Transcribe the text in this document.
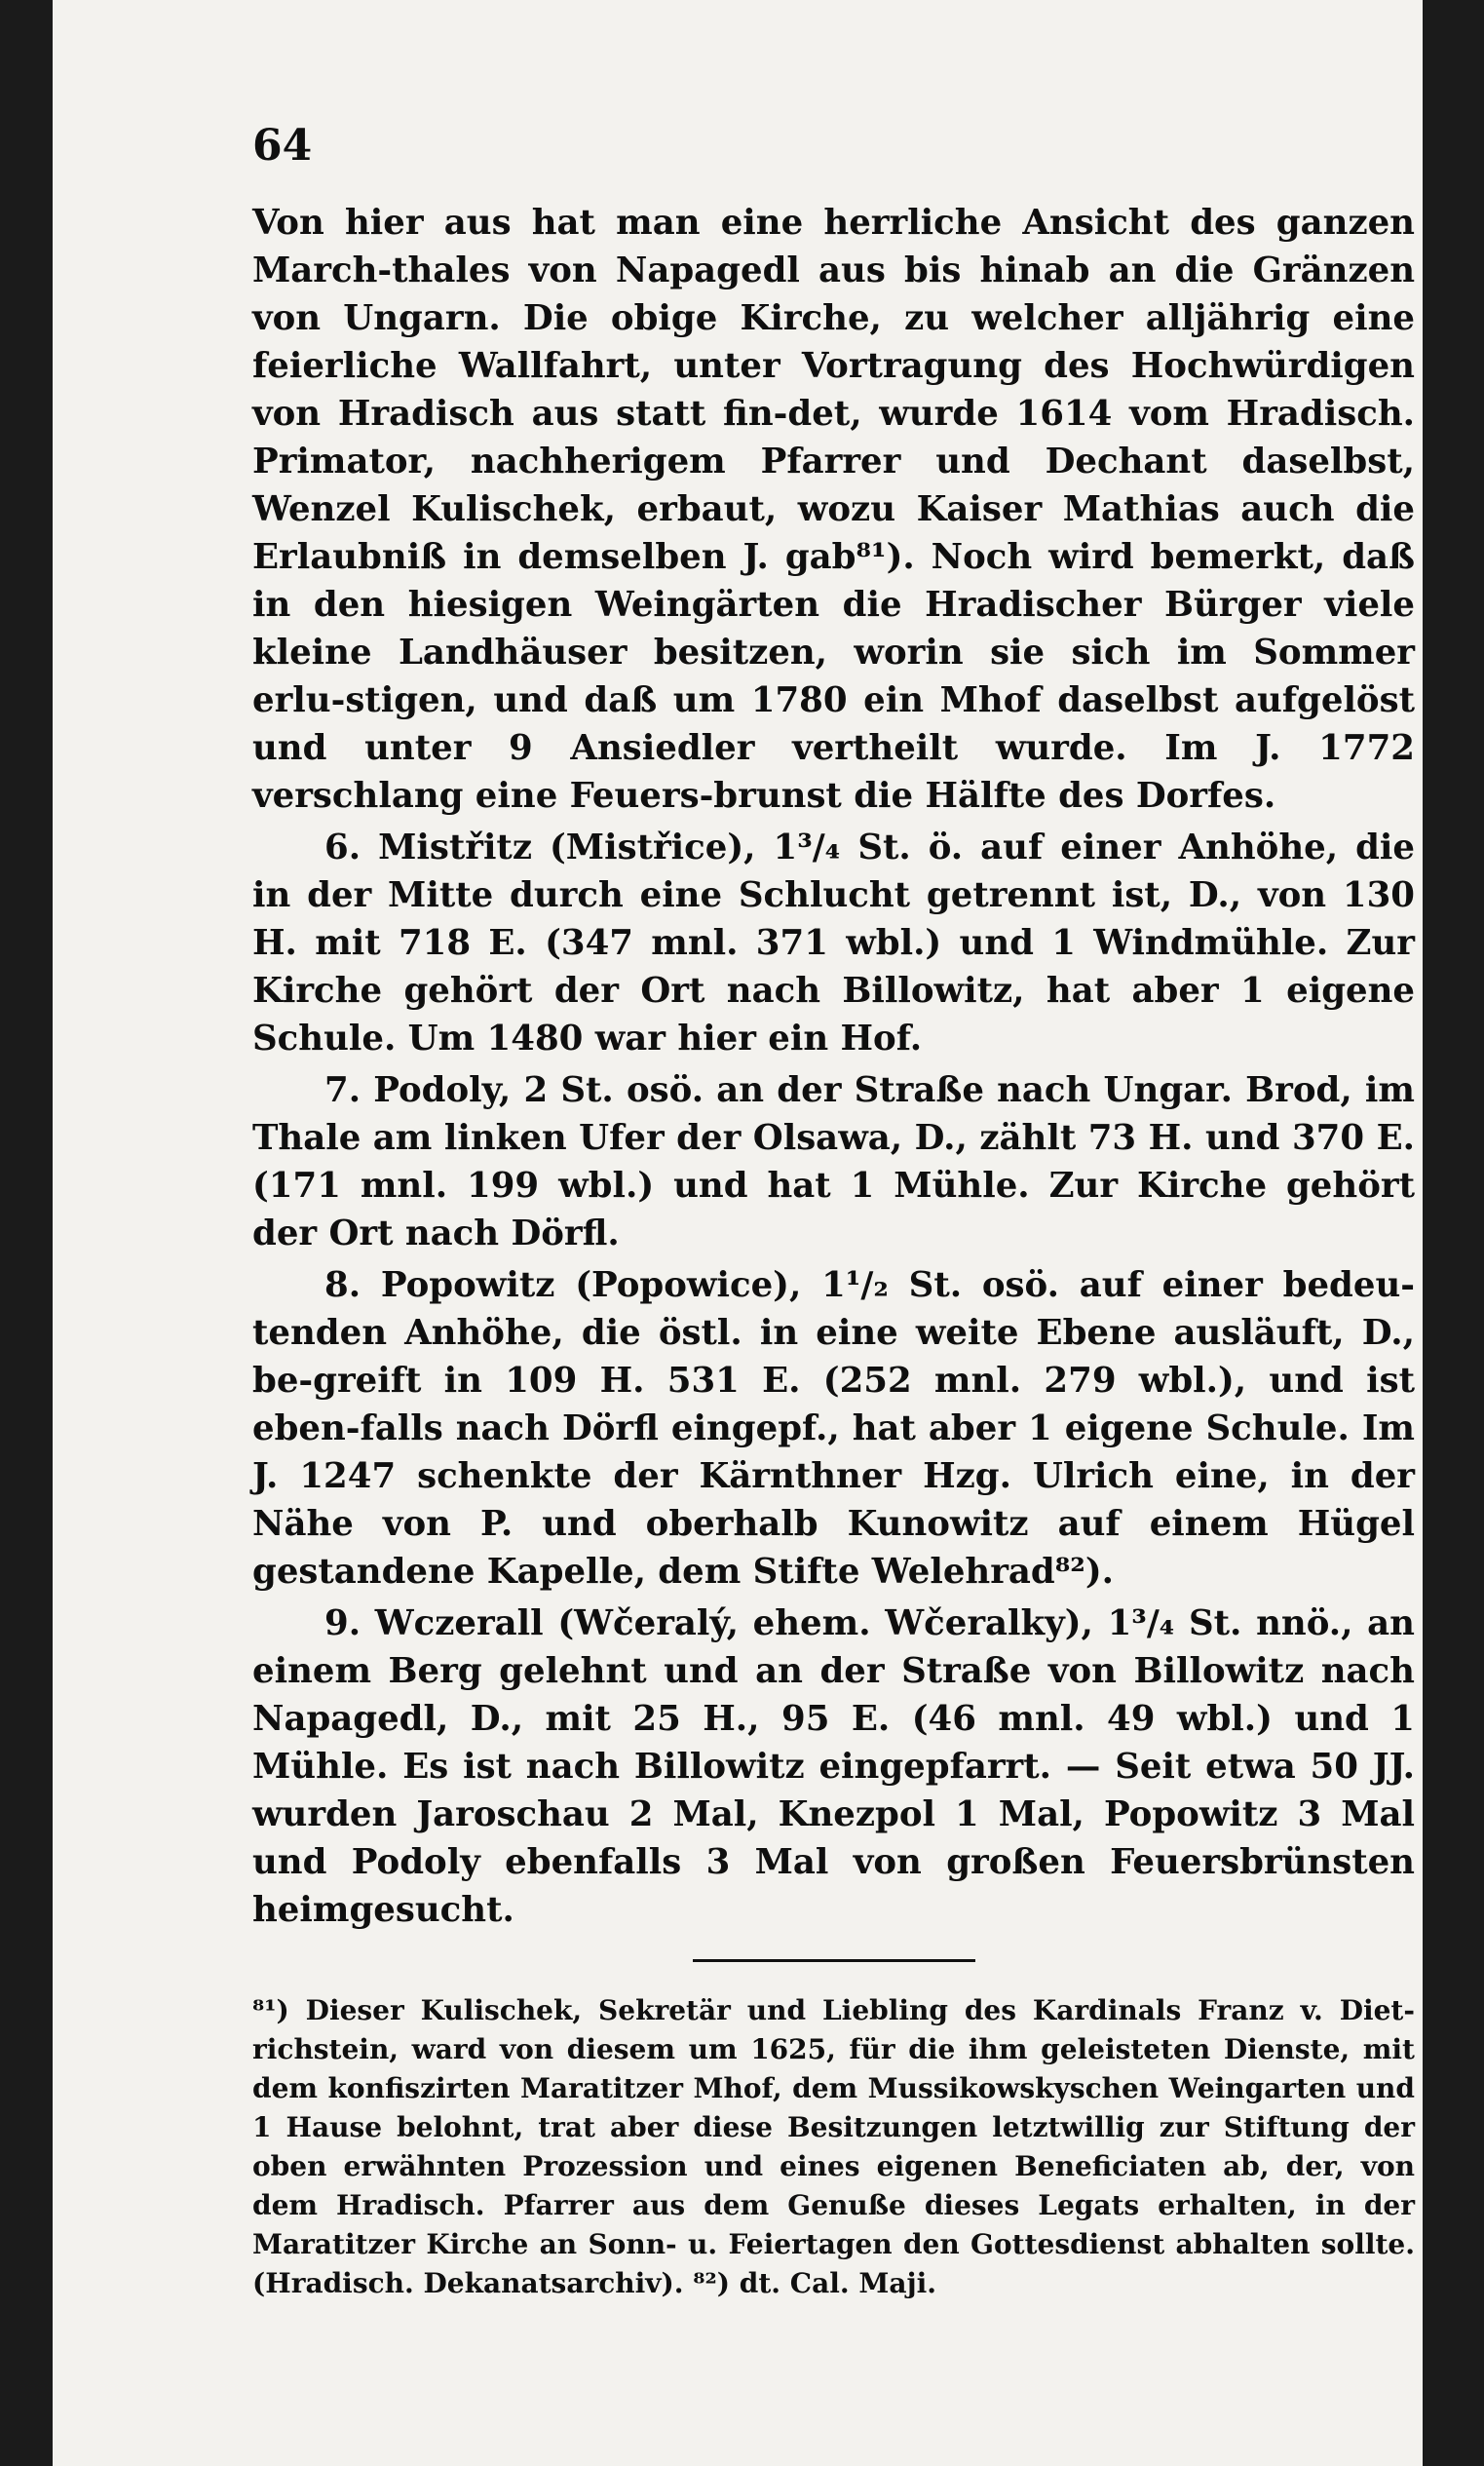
64

Von hier aus hat man eine herrliche Ansicht des ganzen March-thales von Napagedl aus bis hinab an die Gränzen von Ungarn. Die obige Kirche, zu welcher alljährig eine feierliche Wallfahrt, unter Vortragung des Hochwürdigen von Hradisch aus statt fin-det, wurde 1614 vom Hradisch. Primator, nachherigem Pfarrer und Dechant daselbst, Wenzel Kulischek, erbaut, wozu Kaiser Mathias auch die Erlaubniß in demselben J. gab⁸¹). Noch wird bemerkt, daß in den hiesigen Weingärten die Hradischer Bürger viele kleine Landhäuser besitzen, worin sie sich im Sommer erlu-stigen, und daß um 1780 ein Mhof daselbst aufgelöst und unter 9 Ansiedler vertheilt wurde. Im J. 1772 verschlang eine Feuers-brunst die Hälfte des Dorfes.

6. Mistřitz (Mistřice), 1³/₄ St. ö. auf einer Anhöhe, die in der Mitte durch eine Schlucht getrennt ist, D., von 130 H. mit 718 E. (347 mnl. 371 wbl.) und 1 Windmühle. Zur Kirche gehört der Ort nach Billowitz, hat aber 1 eigene Schule. Um 1480 war hier ein Hof.

7. Podoly, 2 St. osö. an der Straße nach Ungar. Brod, im Thale am linken Ufer der Olsawa, D., zählt 73 H. und 370 E. (171 mnl. 199 wbl.) und hat 1 Mühle. Zur Kirche gehört der Ort nach Dörfl.

8. Popowitz (Popowice), 1¹/₂ St. osö. auf einer bedeu-tenden Anhöhe, die östl. in eine weite Ebene ausläuft, D., be-greift in 109 H. 531 E. (252 mnl. 279 wbl.), und ist eben-falls nach Dörfl eingepf., hat aber 1 eigene Schule. Im J. 1247 schenkte der Kärnthner Hzg. Ulrich eine, in der Nähe von P. und oberhalb Kunowitz auf einem Hügel gestandene Kapelle, dem Stifte Welehrad⁸²).

9. Wczerall (Wčeralý, ehem. Wčeralky), 1³/₄ St. nnö., an einem Berg gelehnt und an der Straße von Billowitz nach Napagedl, D., mit 25 H., 95 E. (46 mnl. 49 wbl.) und 1 Mühle. Es ist nach Billowitz eingepfarrt. — Seit etwa 50 JJ. wurden Jaroschau 2 Mal, Knezpol 1 Mal, Popowitz 3 Mal und Podoly ebenfalls 3 Mal von großen Feuersbrünsten heimgesucht.

⁸¹) Dieser Kulischek, Sekretär und Liebling des Kardinals Franz v. Diet-richstein, ward von diesem um 1625, für die ihm geleisteten Dienste, mit dem konfiszirten Maratitzer Mhof, dem Mussikowskyschen Weingarten und 1 Hause belohnt, trat aber diese Besitzungen letztwillig zur Stiftung der oben erwähnten Prozession und eines eigenen Beneficiaten ab, der, von dem Hradisch. Pfarrer aus dem Genuße dieses Legats erhalten, in der Maratitzer Kirche an Sonn- u. Feiertagen den Gottesdienst abhalten sollte. (Hradisch. Dekanatsarchiv). ⁸²) dt. Cal. Maji.
